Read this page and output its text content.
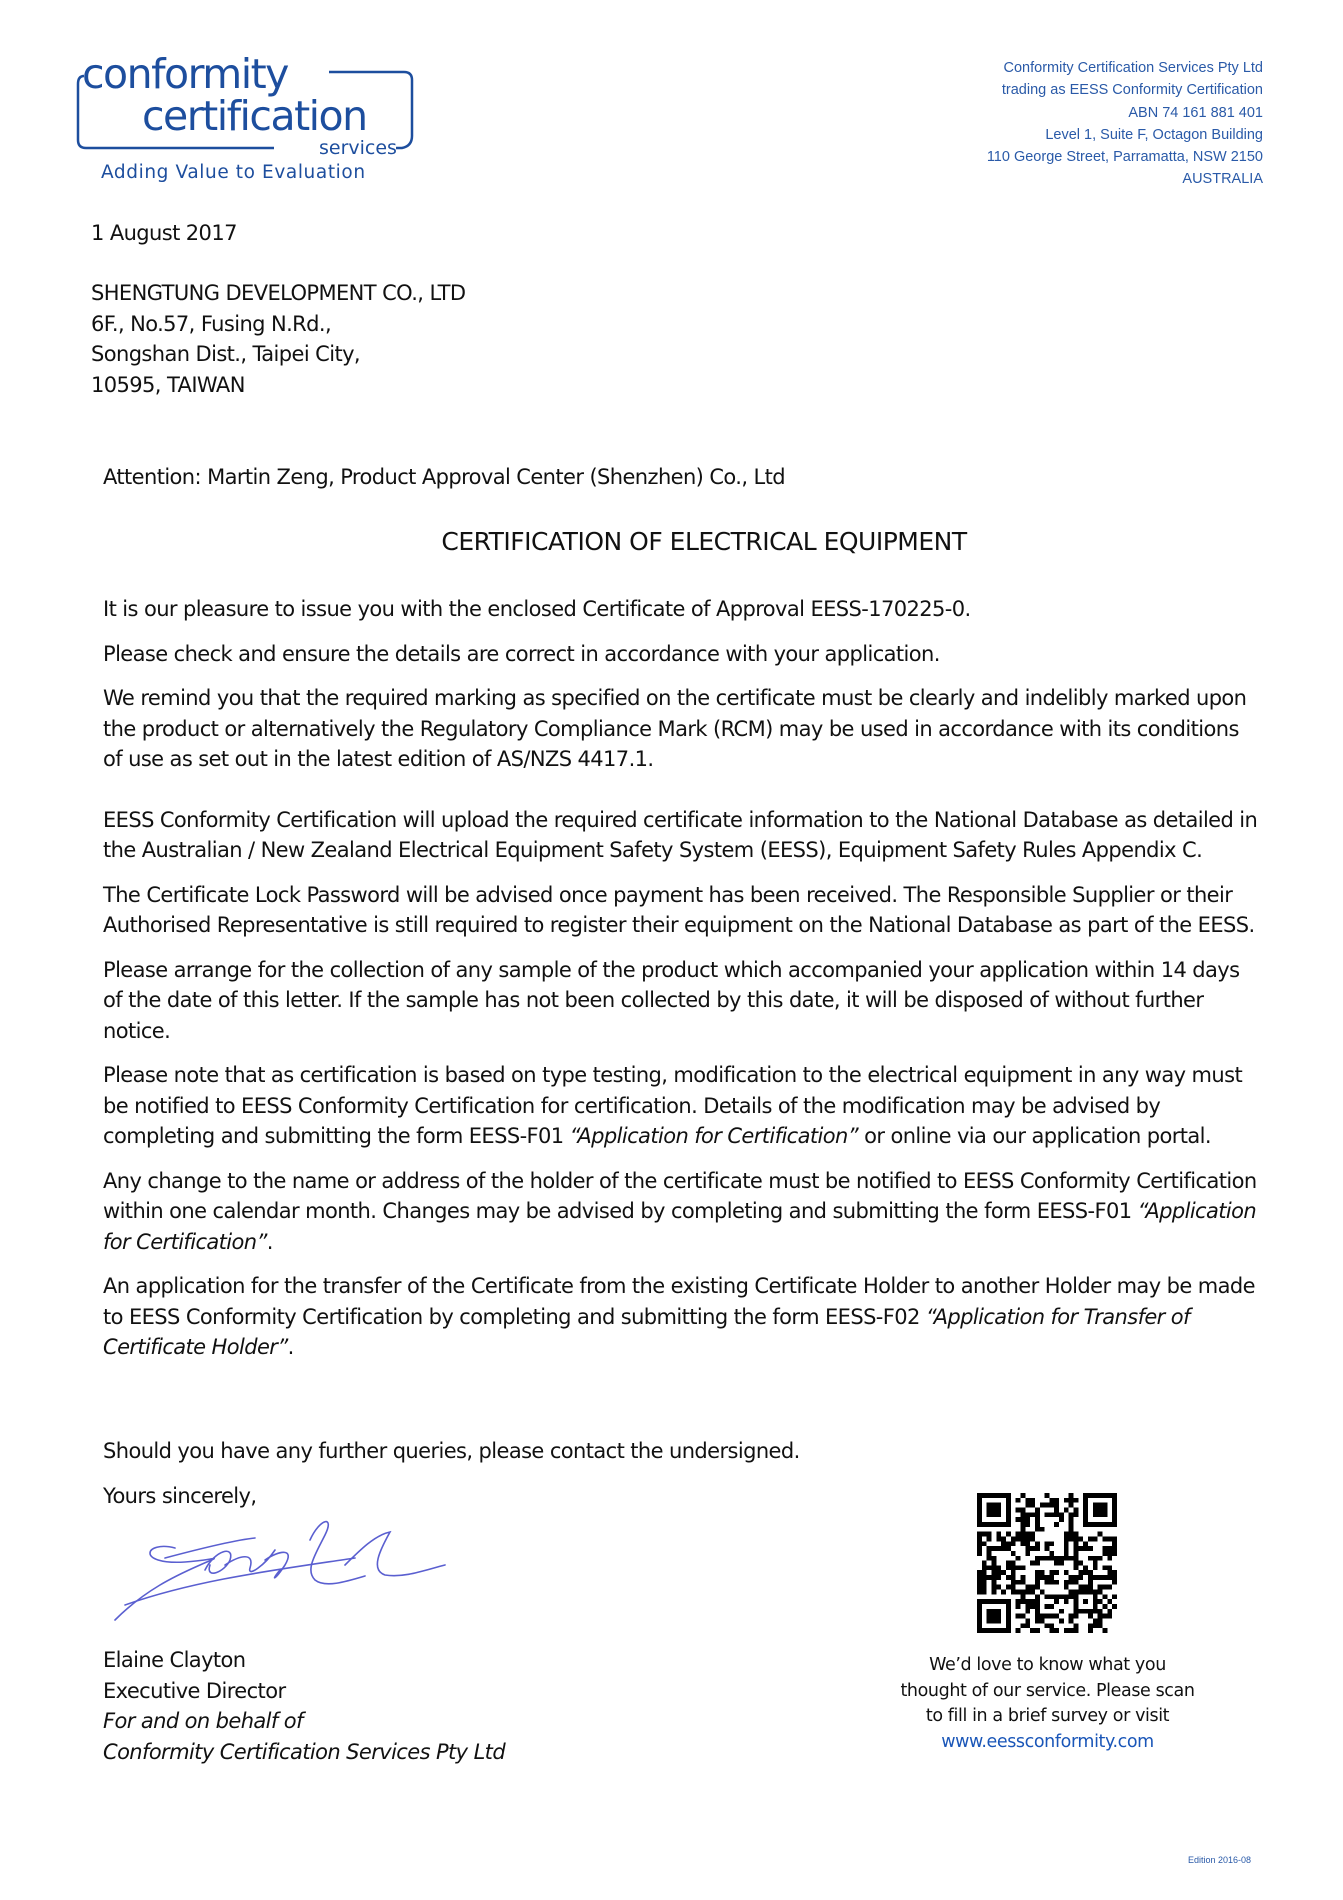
conformity
certification
services
Adding Value to Evaluation
Conformity Certification Services Pty Ltd
trading as EESS Conformity Certification
ABN 74 161 881 401
Level 1, Suite F, Octagon Building
110 George Street, Parramatta, NSW 2150
AUSTRALIA
1 August 2017
SHENGTUNG DEVELOPMENT CO., LTD
6F., No.57, Fusing N.Rd.,
Songshan Dist., Taipei City,
10595, TAIWAN
Attention: Martin Zeng, Product Approval Center (Shenzhen) Co., Ltd
CERTIFICATION OF ELECTRICAL EQUIPMENT

It is our pleasure to issue you with the enclosed Certificate of Approval EESS-170225-0.

Please check and ensure the details are correct in accordance with your application.

We remind you that the required marking as specified on the certificate must be clearly and indelibly marked upon the product or alternatively the Regulatory Compliance Mark (RCM) may be used in accordance with its conditions of use as set out in the latest edition of AS/NZS 4417.1.

EESS Conformity Certification will upload the required certificate information to the National Database as detailed in the Australian / New Zealand Electrical Equipment Safety System (EESS), Equipment Safety Rules Appendix C.

The Certificate Lock Password will be advised once payment has been received. The Responsible Supplier or their Authorised Representative is still required to register their equipment on the National Database as part of the EESS.

Please arrange for the collection of any sample of the product which accompanied your application within 14 days of the date of this letter. If the sample has not been collected by this date, it will be disposed of without further notice.

Please note that as certification is based on type testing, modification to the electrical equipment in any way must be notified to EESS Conformity Certification for certification. Details of the modification may be advised by completing and submitting the form EESS-F01 “Application for Certification” or online via our application portal.

Any change to the name or address of the holder of the certificate must be notified to EESS Conformity Certification within one calendar month. Changes may be advised by completing and submitting the form EESS-F01 “Application for Certification”.

An application for the transfer of the Certificate from the existing Certificate Holder to another Holder may be made to EESS Conformity Certification by completing and submitting the form EESS-F02 “Application for Transfer of Certificate Holder”.

Should you have any further queries, please contact the undersigned.

Yours sincerely,

Elaine Clayton
Executive Director
For and on behalf of
Conformity Certification Services Pty Ltd
We’d love to know what you thought of our service. Please scan to fill in a brief survey or visit www.eessconformity.com
Edition 2016-08
